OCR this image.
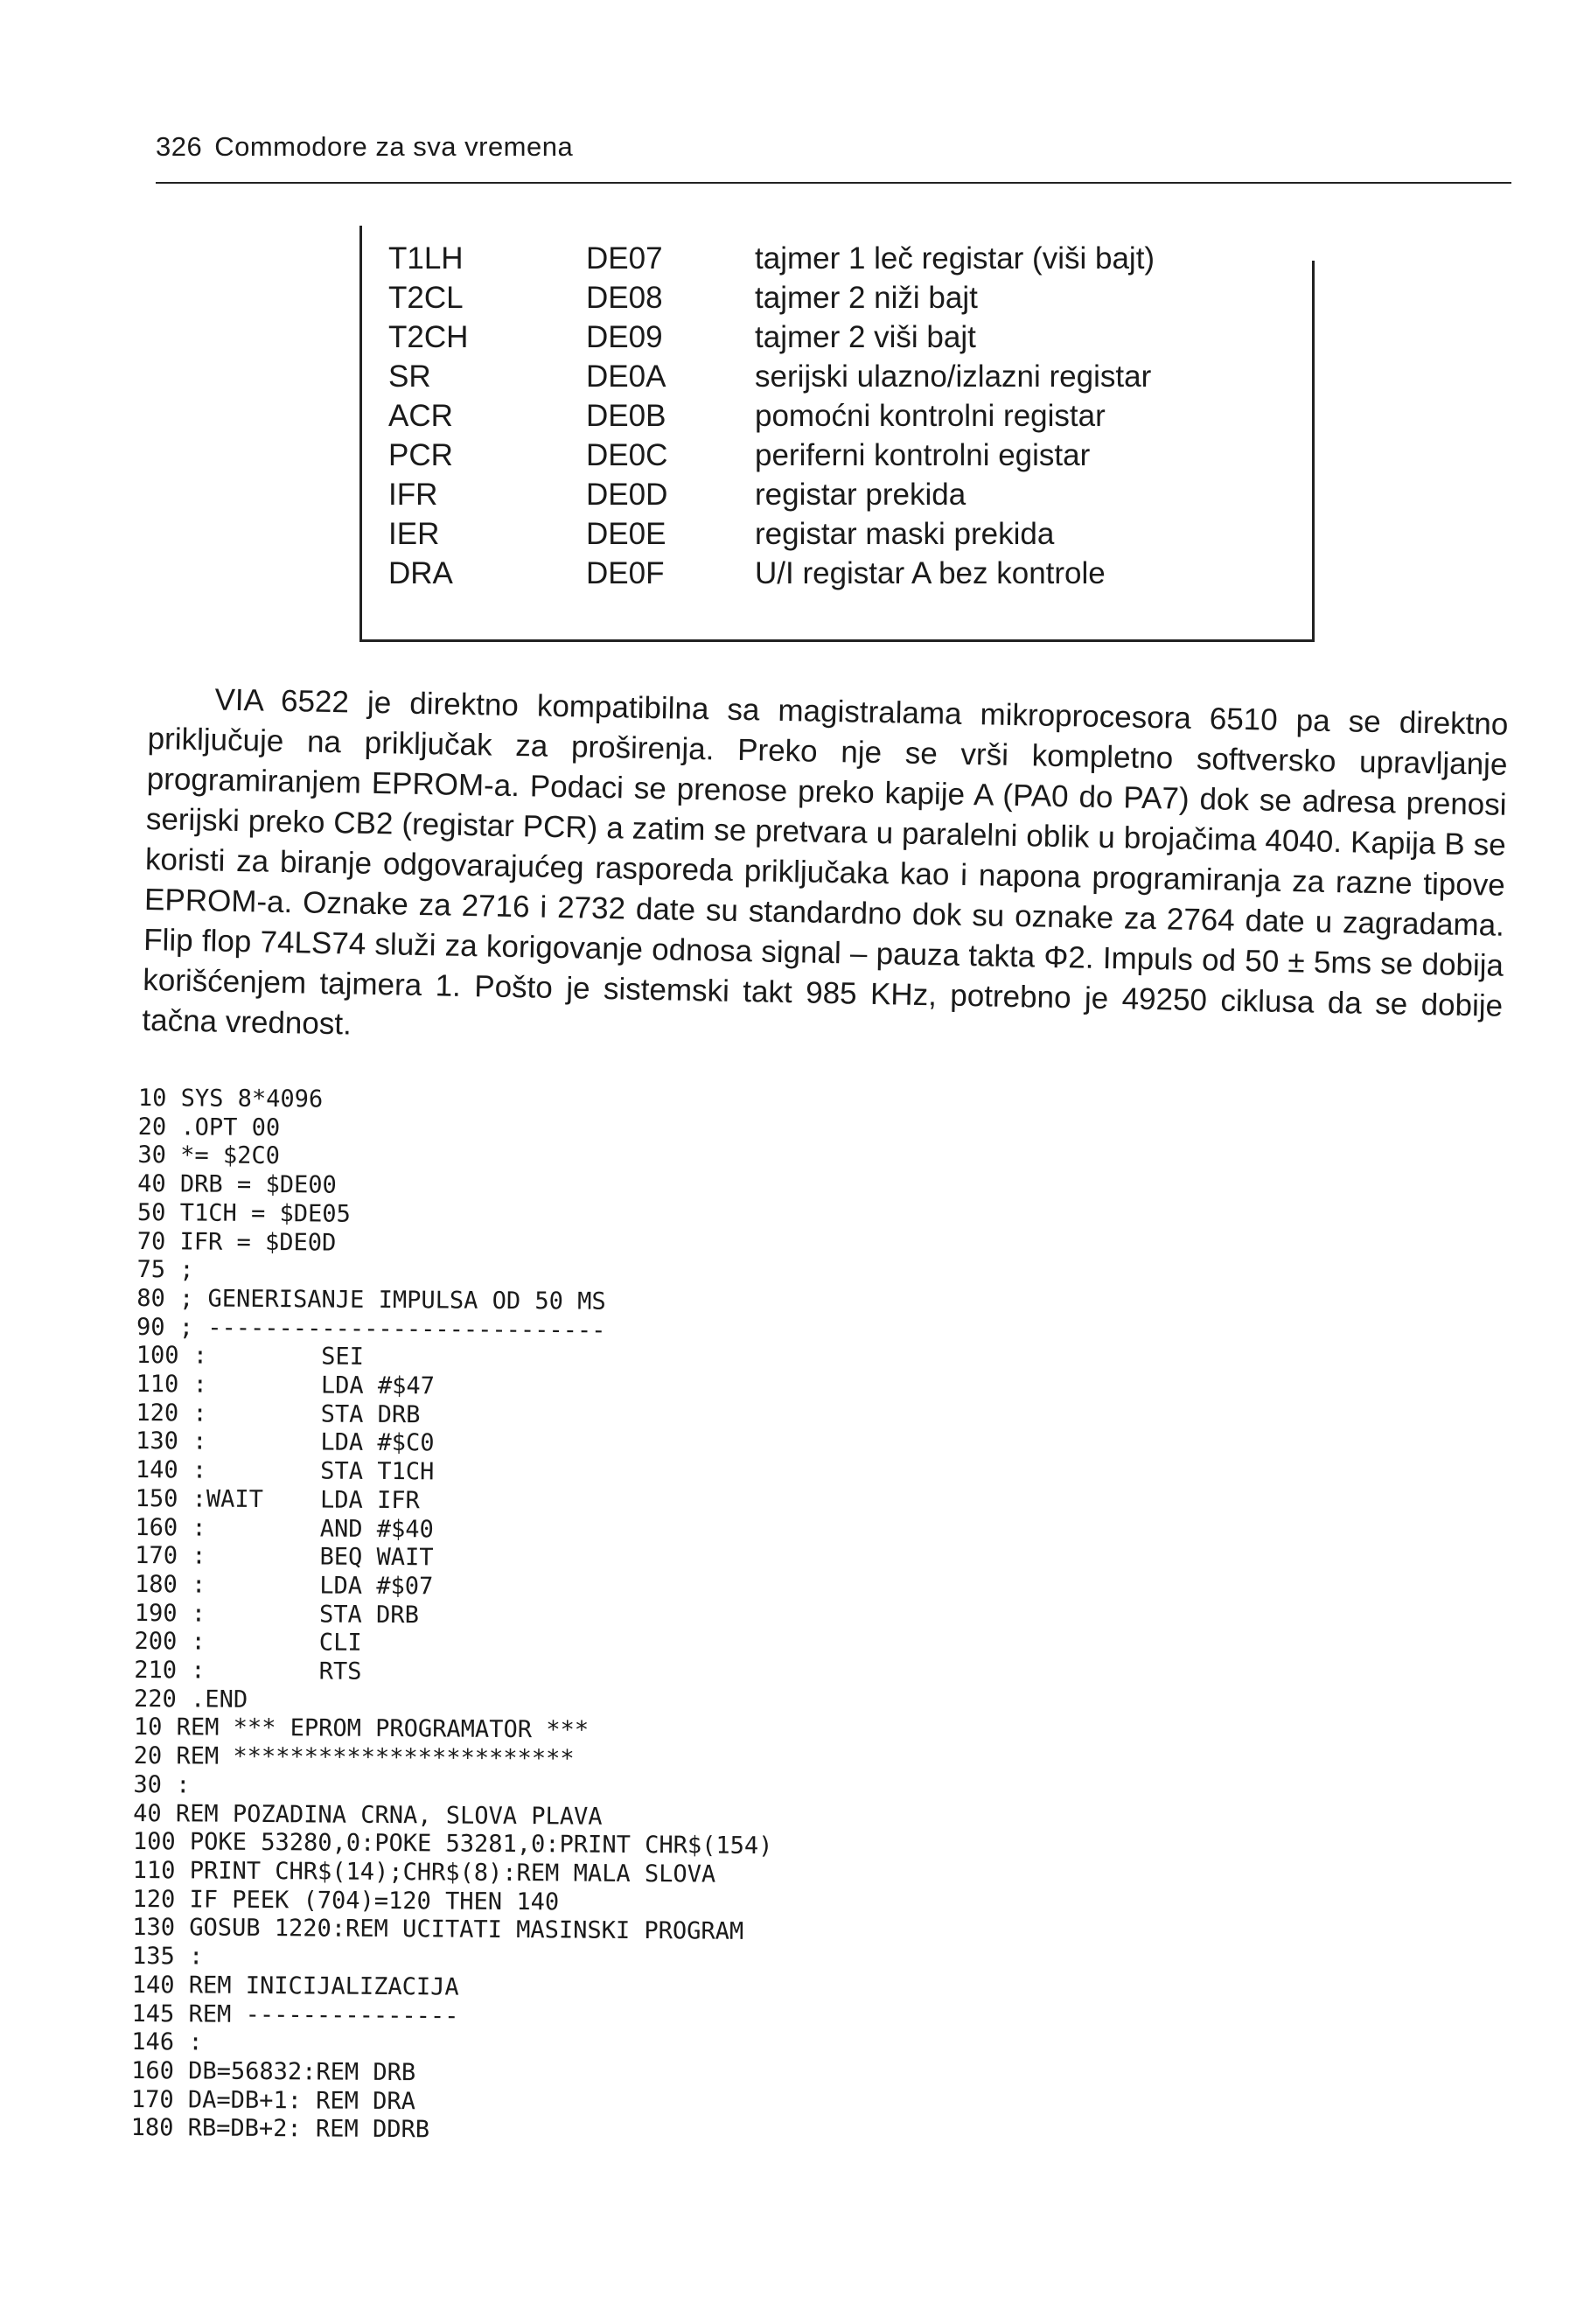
326 Commodore za sva vremena
T1LH	DE07	tajmer 1 leč registar (viši bajt)
T2CL	DE08	tajmer 2 niži bajt
T2CH	DE09	tajmer 2 viši bajt
SR	DE0A	serijski ulazno/izlazni registar
ACR	DE0B	pomoćni kontrolni registar
PCR	DE0C	periferni kontrolni egistar
IFR	DE0D	registar prekida
IER	DE0E	registar maski prekida
DRA	DE0F	U/I registar A bez kontrole
VIA 6522 je direktno kompatibilna sa magistralama mikroprocesora 6510 pa se direktno priključuje na priključak za proširenja. Preko nje se vrši kompletno softversko upravljanje programiranjem EPROM-a. Podaci se prenose preko kapije A (PA0 do PA7) dok se adresa prenosi serijski preko CB2 (registar PCR) a zatim se pretvara u paralelni oblik u brojačima 4040. Kapija B se koristi za biranje odgovarajućeg rasporeda priključaka kao i napona programiranja za razne tipove EPROM-a. Oznake za 2716 i 2732 date su standardno dok su oznake za 2764 date u zagradama. Flip flop 74LS74 služi za korigovanje odnosa signal – pauza takta Φ2. Impuls od 50 ± 5ms se dobija korišćenjem tajmera 1. Pošto je sistemski takt 985 KHz, potrebno je 49250 ciklusa da se dobije tačna vrednost.
10 SYS 8*4096
20 .OPT 00
30 *= $2C0
40 DRB = $DE00
50 T1CH = $DE05
70 IFR = $DE0D
75 ;
80 ; GENERISANJE IMPULSA OD 50 MS
90 ; ----------------------------
100 :        SEI
110 :        LDA #$47
120 :        STA DRB
130 :        LDA #$C0
140 :        STA T1CH
150 :WAIT    LDA IFR
160 :        AND #$40
170 :        BEQ WAIT
180 :        LDA #$07
190 :        STA DRB
200 :        CLI
210 :        RTS
220 .END
10 REM *** EPROM PROGRAMATOR ***
20 REM ************************
30 :
40 REM POZADINA CRNA, SLOVA PLAVA
100 POKE 53280,0:POKE 53281,0:PRINT CHR$(154)
110 PRINT CHR$(14);CHR$(8):REM MALA SLOVA
120 IF PEEK (704)=120 THEN 140
130 GOSUB 1220:REM UCITATI MASINSKI PROGRAM
135 :
140 REM INICIJALIZACIJA
145 REM ---------------
146 :
160 DB=56832:REM DRB
170 DA=DB+1: REM DRA
180 RB=DB+2: REM DDRB
